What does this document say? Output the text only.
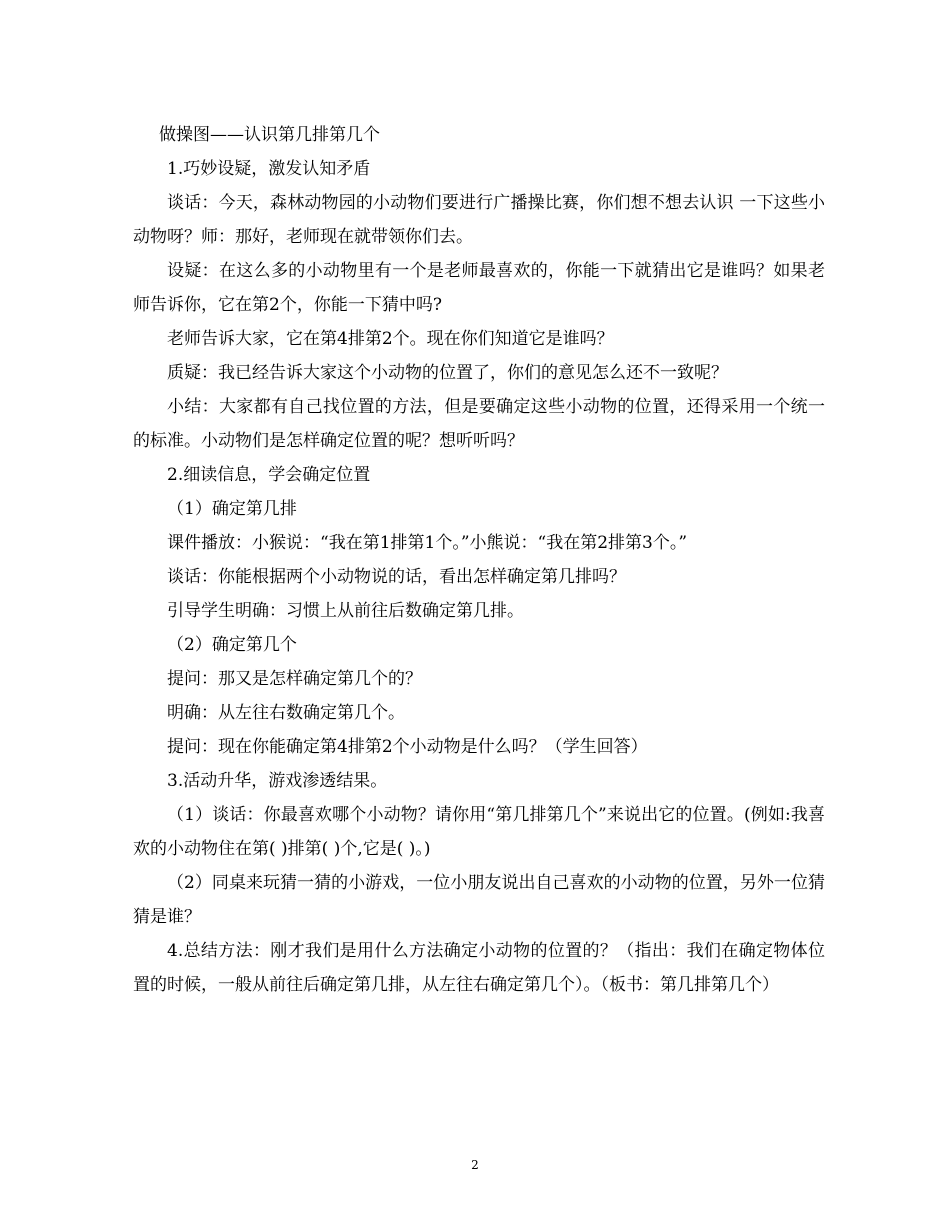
做操图——认识第几排第几个

1.巧妙设疑，激发认知矛盾

谈话：今天，森林动物园的小动物们要进行广播操比赛，你们想不想去认识 一下这些小动物呀？师：那好，老师现在就带领你们去。

设疑：在这么多的小动物里有一个是老师最喜欢的，你能一下就猜出它是谁吗？如果老师告诉你，它在第2个，你能一下猜中吗?

老师告诉大家，它在第4排第2个。现在你们知道它是谁吗？

质疑：我已经告诉大家这个小动物的位置了，你们的意见怎么还不一致呢？

小结：大家都有自己找位置的方法，但是要确定这些小动物的位置，还得采用一个统一的标准。小动物们是怎样确定位置的呢？想听听吗？

2.细读信息，学会确定位置

（1）确定第几排

课件播放：小猴说：“我在第1排第1个。”小熊说：“我在第2排第3个。”

谈话：你能根据两个小动物说的话，看出怎样确定第几排吗？

引导学生明确：习惯上从前往后数确定第几排。

（2）确定第几个

提问：那又是怎样确定第几个的？

明确：从左往右数确定第几个。

提问：现在你能确定第4排第2个小动物是什么吗？（学生回答）

3.活动升华，游戏渗透结果。

（1）谈话：你最喜欢哪个小动物？请你用“第几排第几个”来说出它的位置。(例如:我喜欢的小动物住在第( )排第( )个,它是( )。)

（2）同桌来玩猜一猜的小游戏，一位小朋友说出自己喜欢的小动物的位置，另外一位猜猜是谁？

4.总结方法：刚才我们是用什么方法确定小动物的位置的？（指出：我们在确定物体位置的时候，一般从前往后确定第几排，从左往右确定第几个）。（板书：第几排第几个）

2
